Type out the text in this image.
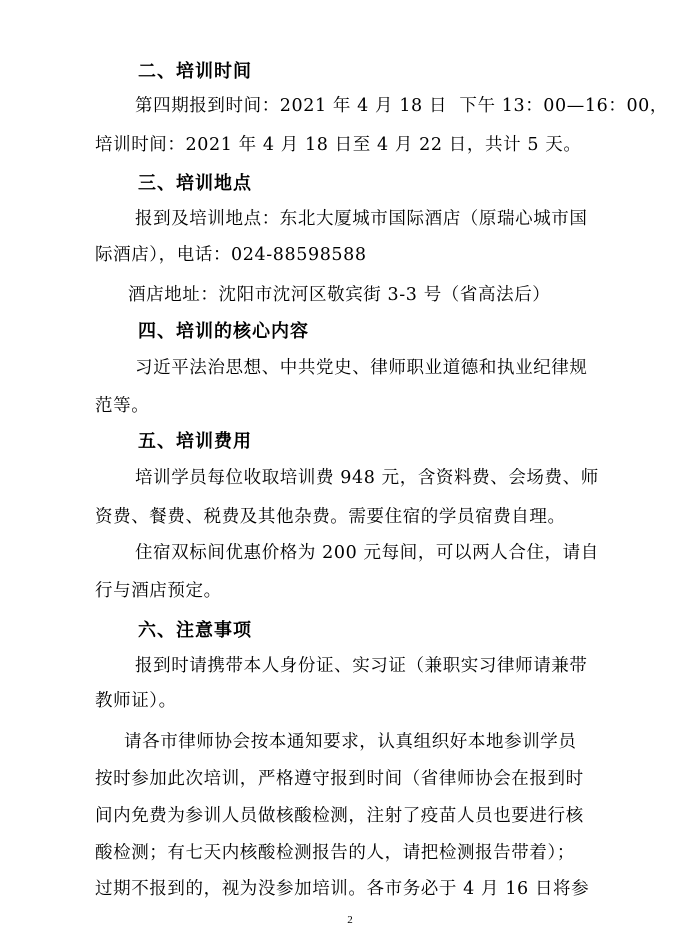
二、培训时间
第四期报到时间：2021 年 4 月 18 日  下午 13：00—16：00，
培训时间：2021 年 4 月 18 日至 4 月 22 日，共计 5 天。
三、培训地点
报到及培训地点：东北大厦城市国际酒店（原瑞心城市国
际酒店），电话：024-88598588
酒店地址：沈阳市沈河区敬宾街 3-3 号（省高法后）
四、培训的核心内容
习近平法治思想、中共党史、律师职业道德和执业纪律规
范等。
五、培训费用
培训学员每位收取培训费 948 元，含资料费、会场费、师
资费、餐费、税费及其他杂费。需要住宿的学员宿费自理。
住宿双标间优惠价格为 200 元每间，可以两人合住，请自
行与酒店预定。
六、注意事项
报到时请携带本人身份证、实习证（兼职实习律师请兼带
教师证）。
请各市律师协会按本通知要求，认真组织好本地参训学员
按时参加此次培训，严格遵守报到时间（省律师协会在报到时
间内免费为参训人员做核酸检测，注射了疫苗人员也要进行核
酸检测；有七天内核酸检测报告的人，请把检测报告带着）；
过期不报到的，视为没参加培训。各市务必于 4 月 16 日将参
2
